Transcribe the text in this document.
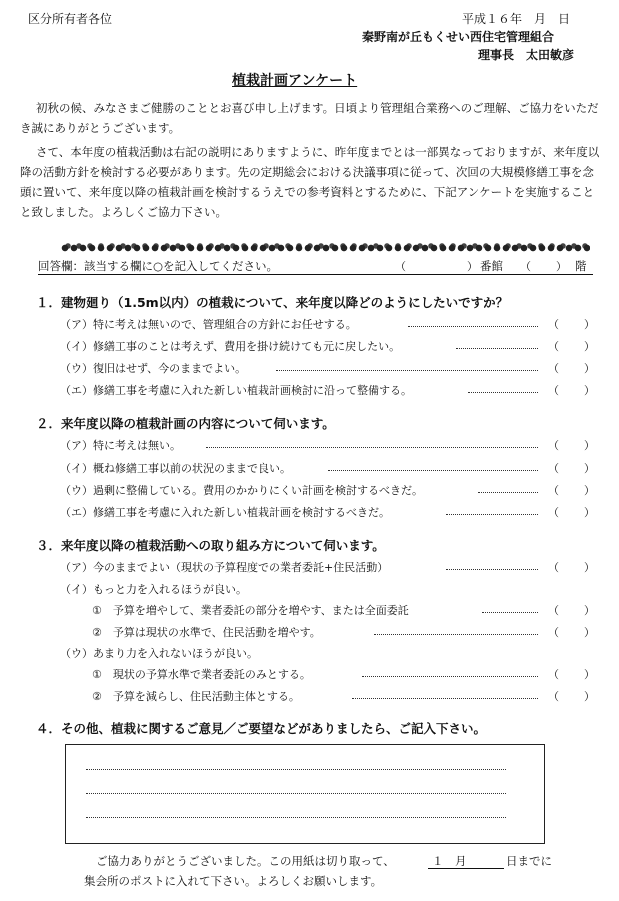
区分所有者各位	平成１６年　月　日
秦野南が丘もくせい西住宅管理組合
理事長　太田敏彦
植栽計画アンケート
初秋の候、みなさまご健勝のこととお喜び申し上げます。日頃より管理組合業務へのご理解、ご協力をいただき誠にありがとうございます。
さて、本年度の植栽活動は右記の説明にありますように、昨年度までとは一部異なっておりますが、来年度以降の活動方針を検討する必要があります。先の定期総会における決議事項に従って、次回の大規模修繕工事を念頭に置いて、来年度以降の植栽計画を検討するうえでの参考資料とするために、下記アンケートを実施することと致しました。よろしくご協力下さい。
回答欄：該当する欄に○を記入してください。	（　　　　　） 番館 （　　） 階
１．建物廻り（1.5m以内）の植栽について、来年度以降どのようにしたいですか？
（ア）特に考えは無いので、管理組合の方針にお任せする。	（　　）
（イ）修繕工事のことは考えず、費用を掛け続けても元に戻したい。	（　　）
（ウ）復旧はせず、今のままでよい。	（　　）
（エ）修繕工事を考慮に入れた新しい植栽計画検討に沿って整備する。	（　　）
２．来年度以降の植栽計画の内容について伺います。
（ア）特に考えは無い。	（　　）
（イ）概ね修繕工事以前の状況のままで良い。	（　　）
（ウ）過剰に整備している。費用のかかりにくい計画を検討するべきだ。	（　　）
（エ）修繕工事を考慮に入れた新しい植栽計画を検討するべきだ。	（　　）
３．来年度以降の植栽活動への取り組み方について伺います。
（ア）今のままでよい（現状の予算程度での業者委託+住民活動）	（　　）
（イ）もっと力を入れるほうが良い。
①　予算を増やして、業者委託の部分を増やす、または全面委託	（　　）
②　予算は現状の水準で、住民活動を増やす。	（　　）
（ウ）あまり力を入れないほうが良い。
①　現状の予算水準で業者委託のみとする。	（　　）
②　予算を減らし、住民活動主体とする。	（　　）
４．その他、植栽に関するご意見／ご要望などがありましたら、ご記入下さい。
ご協力ありがとうございました。この用紙は切り取って、	１　月	日までに
集会所のポストに入れて下さい。よろしくお願いします。
